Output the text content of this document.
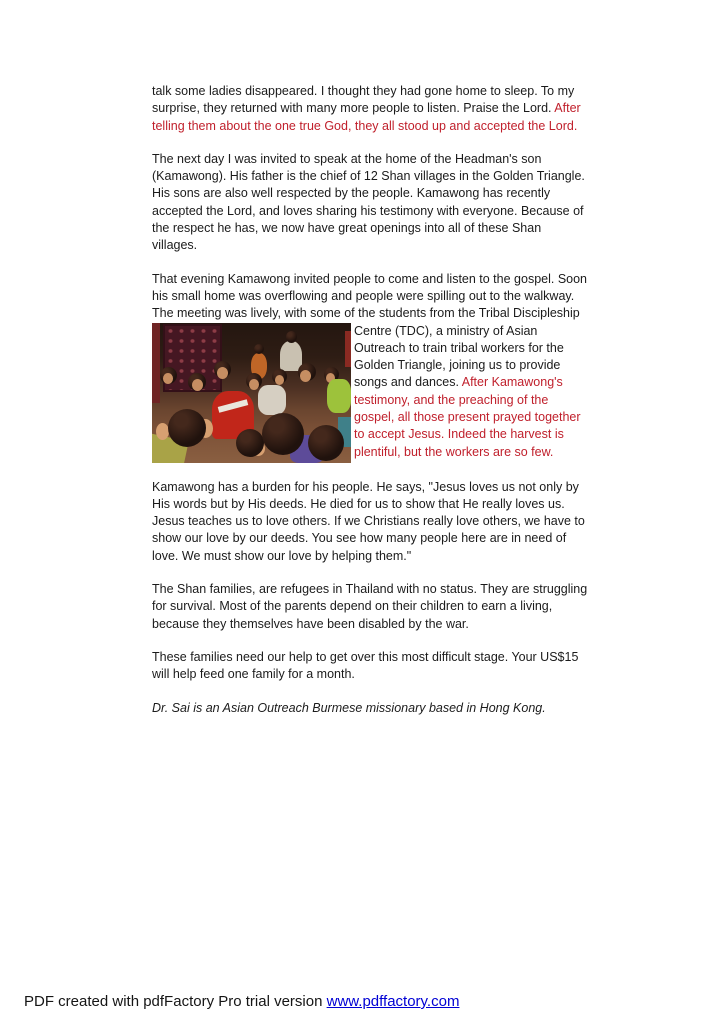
talk some ladies disappeared. I thought they had gone home to sleep. To my
surprise, they returned with many more people to listen. Praise the Lord. After
telling them about the one true God, they all stood up and accepted the Lord.
The next day I was invited to speak at the home of the Headman's son
(Kamawong). His father is the chief of 12 Shan villages in the Golden Triangle.
His sons are also well respected by the people. Kamawong has recently
accepted the Lord, and loves sharing his testimony with everyone. Because of
the respect he has, we now have great openings into all of these Shan
villages.
That evening Kamawong invited people to come and listen to the gospel. Soon
his small home was overflowing and people were spilling out to the walkway.
The meeting was lively, with some of the students from the Tribal Discipleship
Centre (TDC), a ministry of Asian
Outreach to train tribal workers for the
Golden Triangle, joining us to provide
songs and dances. After Kamawong's
testimony, and the preaching of the
gospel, all those present prayed together
to accept Jesus. Indeed the harvest is
plentiful, but the workers are so few.
Kamawong has a burden for his people. He says, "Jesus loves us not only by
His words but by His deeds. He died for us to show that He really loves us.
Jesus teaches us to love others. If we Christians really love others, we have to
show our love by our deeds. You see how many people here are in need of
love. We must show our love by helping them."
The Shan families, are refugees in Thailand with no status. They are struggling
for survival. Most of the parents depend on their children to earn a living,
because they themselves have been disabled by the war.
These families need our help to get over this most difficult stage. Your US$15
will help feed one family for a month.
Dr. Sai is an Asian Outreach Burmese missionary based in Hong Kong.
PDF created with pdfFactory Pro trial version www.pdffactory.com
